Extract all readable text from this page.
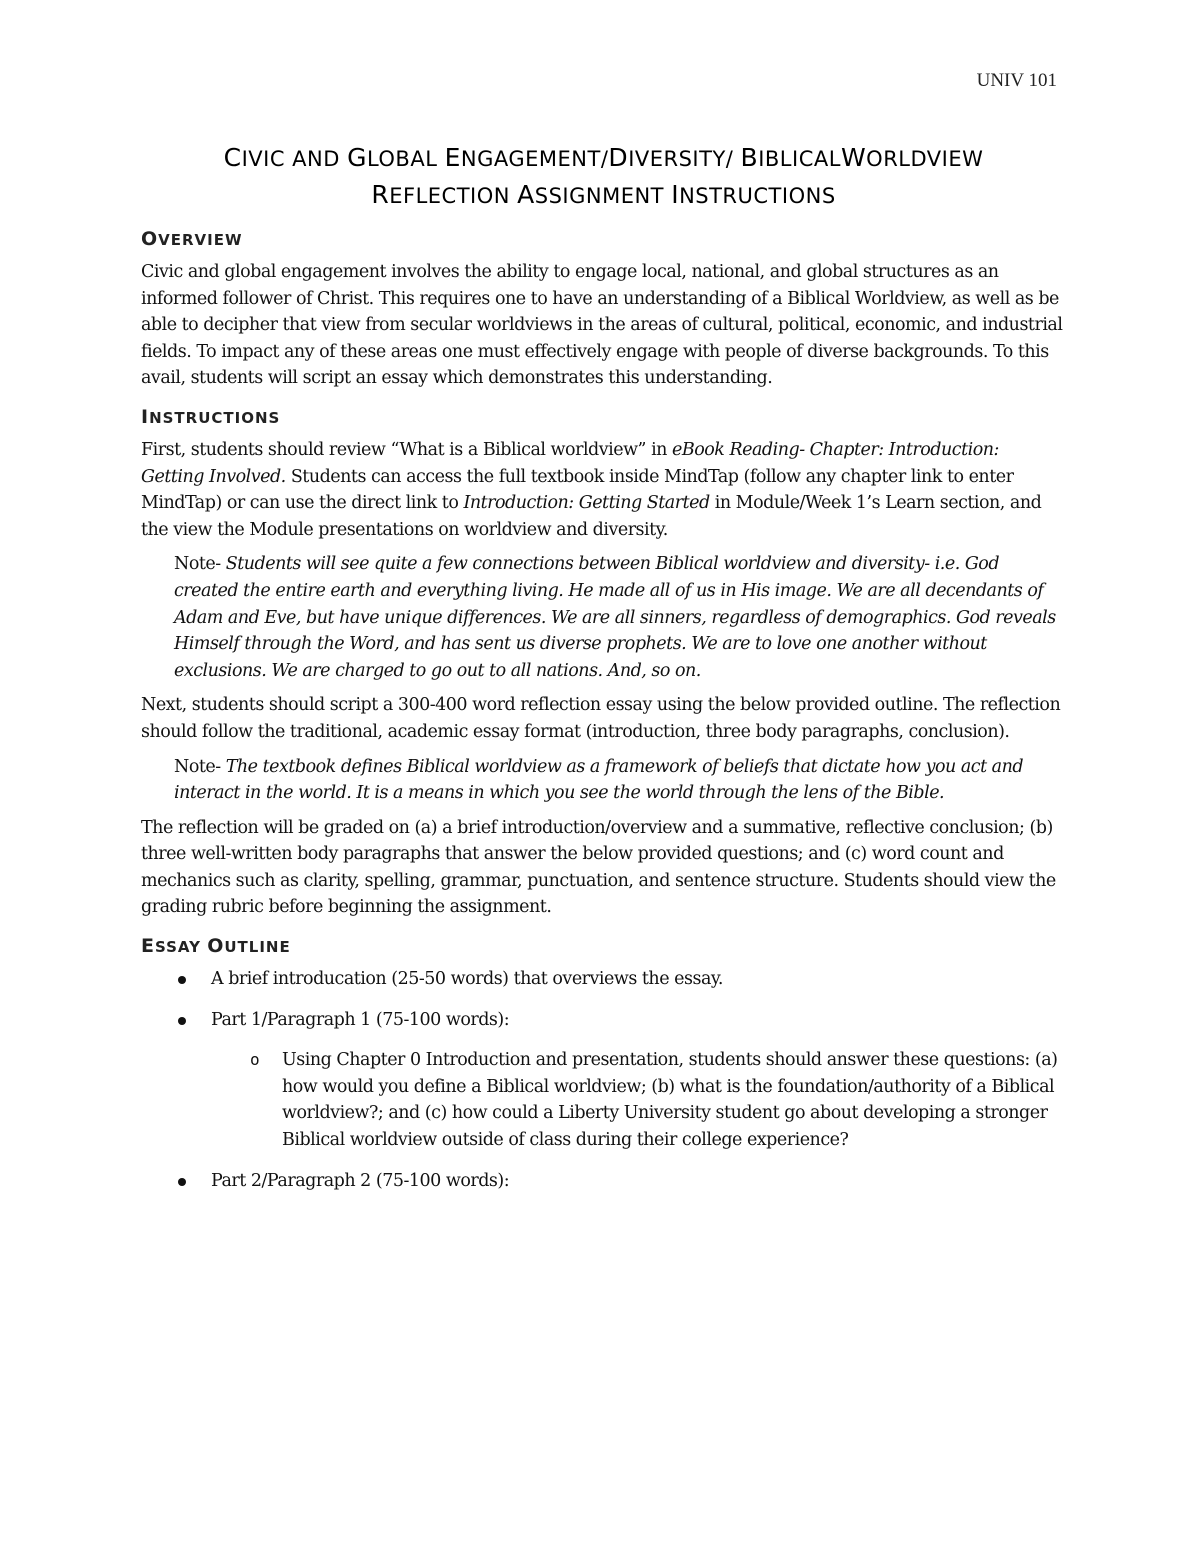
UNIV 101
CIVIC AND GLOBAL ENGAGEMENT/DIVERSITY/ BIBLICALWORLDVIEW
REFLECTION ASSIGNMENT INSTRUCTIONS
OVERVIEW

Civic and global engagement involves the ability to engage local, national, and global structures as an informed follower of Christ. This requires one to have an understanding of a Biblical Worldview, as well as be able to decipher that view from secular worldviews in the areas of cultural, political, economic, and industrial fields. To impact any of these areas one must effectively engage with people of diverse backgrounds. To this avail, students will script an essay which demonstrates this understanding.

INSTRUCTIONS

First, students should review “What is a Biblical worldview” in eBook Reading- Chapter: Introduction: Getting Involved. Students can access the full textbook inside MindTap (follow any chapter link to enter MindTap) or can use the direct link to Introduction: Getting Started in Module/Week 1’s Learn section, and the view the Module presentations on worldview and diversity.

Note- Students will see quite a few connections between Biblical worldview and diversity- i.e. God created the entire earth and everything living. He made all of us in His image. We are all decendants of Adam and Eve, but have unique differences. We are all sinners, regardless of demographics. God reveals Himself through the Word, and has sent us diverse prophets. We are to love one another without exclusions. We are charged to go out to all nations. And, so on.

Next, students should script a 300-400 word reflection essay using the below provided outline. The reflection should follow the traditional, academic essay format (introduction, three body paragraphs, conclusion).

Note- The textbook defines Biblical worldview as a framework of beliefs that dictate how you act and interact in the world. It is a means in which you see the world through the lens of the Bible.

The reflection will be graded on (a) a brief introduction/overview and a summative, reflective conclusion; (b) three well-written body paragraphs that answer the below provided questions; and (c) word count and mechanics such as clarity, spelling, grammar, punctuation, and sentence structure. Students should view the grading rubric before beginning the assignment.

ESSAY OUTLINE
A brief introducation (25-50 words) that overviews the essay.
Part 1/Paragraph 1 (75-100 words):
o Using Chapter 0 Introduction and presentation, students should answer these questions: (a) how would you define a Biblical worldview; (b) what is the foundation/authority of a Biblical worldview?; and (c) how could a Liberty University student go about developing a stronger Biblical worldview outside of class during their college experience?
Part 2/Paragraph 2 (75-100 words):
